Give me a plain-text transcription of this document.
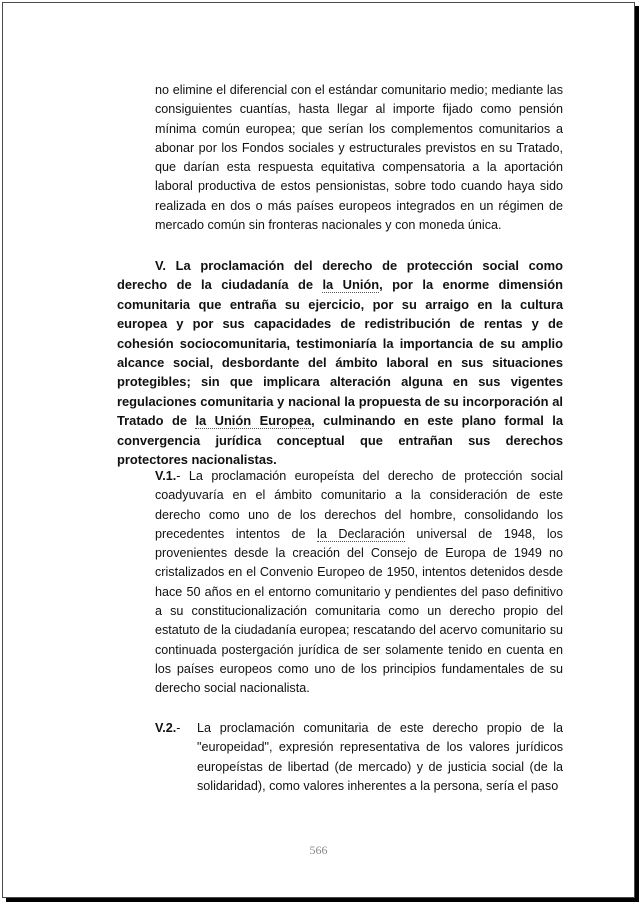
no elimine el diferencial con el estándar comunitario medio; mediante las consiguientes cuantías, hasta llegar al importe fijado como pensión mínima común europea; que serían los complementos comunitarios a abonar por los Fondos sociales y estructurales previstos en su Tratado, que darían esta respuesta equitativa compensatoria a la aportación laboral productiva de estos pensionistas, sobre todo cuando haya sido realizada en dos o más países europeos integrados en un régimen de mercado común sin fronteras nacionales y con moneda única.

V. La proclamación del derecho de protección social como derecho de la ciudadanía de la Unión, por la enorme dimensión comunitaria que entraña su ejercicio, por su arraigo en la cultura europea y por sus capacidades de redistribución de rentas y de cohesión sociocomunitaria, testimoniaría la importancia de su amplio alcance social, desbordante del ámbito laboral en sus situaciones protegibles; sin que implicara alteración alguna en sus vigentes regulaciones comunitaria y nacional la propuesta de su incorporación al Tratado de la Unión Europea, culminando en este plano formal la convergencia jurídica conceptual que entrañan sus derechos protectores nacionalistas.

V.1.- La proclamación europeísta del derecho de protección social coadyuvaría en el ámbito comunitario a la consideración de este derecho como uno de los derechos del hombre, consolidando los precedentes intentos de la Declaración universal de 1948, los provenientes desde la creación del Consejo de Europa de 1949 no cristalizados en el Convenio Europeo de 1950, intentos detenidos desde hace 50 años en el entorno comunitario y pendientes del paso definitivo a su constitucionalización comunitaria como un derecho propio del estatuto de la ciudadanía europea; rescatando del acervo comunitario su continuada postergación jurídica de ser solamente tenido en cuenta en los países europeos como uno de los principios fundamentales de su derecho social nacionalista.

V.2.- La proclamación comunitaria de este derecho propio de la "europeidad", expresión representativa de los valores jurídicos europeístas de libertad (de mercado) y de justicia social (de la solidaridad), como valores inherentes a la persona, sería el paso
566
